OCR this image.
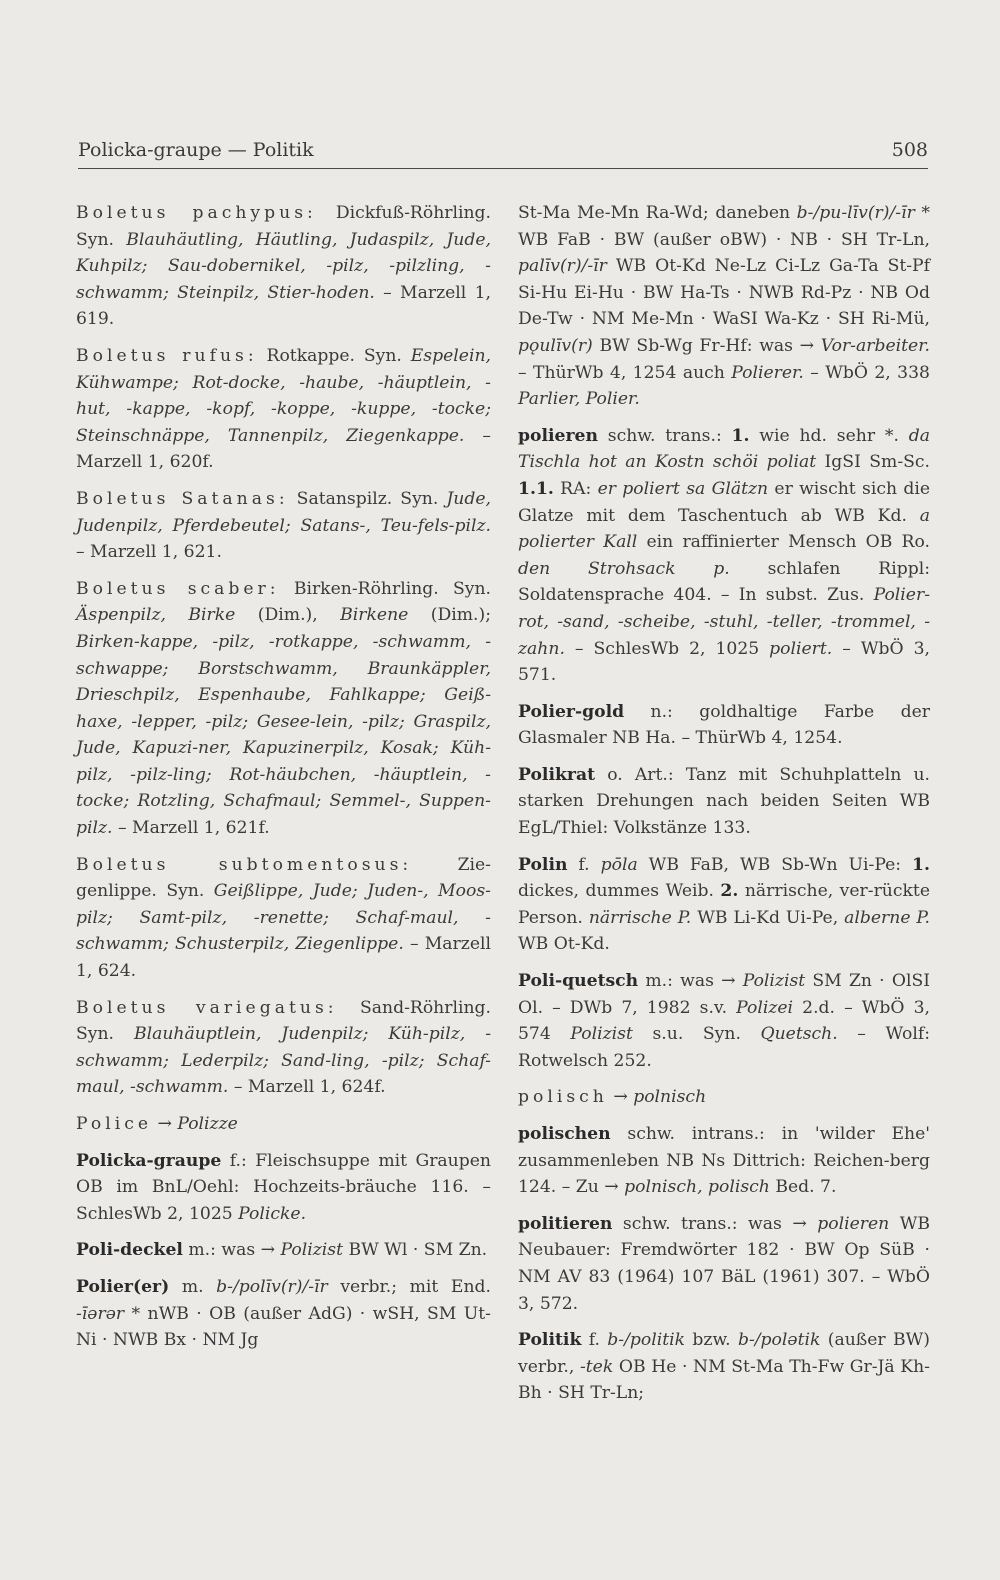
Policka-graupe — Politik	508

Boletus pachypus: Dickfuß-Röhrling. Syn. Blauhäutling, Häutling, Judaspilz, Jude, Kuhpilz; Sau-dobernikel, -pilz, -pilzling, -schwamm; Steinpilz, Stier-hoden. – Marzell 1, 619.

Boletus rufus: Rotkappe. Syn. Espelein, Kühwampe; Rot-docke, -haube, -häuptlein, -hut, -kappe, -kopf, -koppe, -kuppe, -tocke; Steinschnäppe, Tannenpilz, Ziegenkappe. – Marzell 1, 620f.

Boletus Satanas: Satanspilz. Syn. Jude, Judenpilz, Pferdebeutel; Satans-, Teu-fels-pilz. – Marzell 1, 621.

Boletus scaber: Birken-Röhrling. Syn. Äspenpilz, Birke (Dim.), Birkene (Dim.); Birken-kappe, -pilz, -rotkappe, -schwamm, -schwappe; Borstschwamm, Braunkäppler, Drieschpilz, Espenhaube, Fahlkappe; Geiß-haxe, -lepper, -pilz; Gesee-lein, -pilz; Graspilz, Jude, Kapuzi-ner, Kapuzinerpilz, Kosak; Küh-pilz, -pilz-ling; Rot-häubchen, -häuptlein, -tocke; Rotzling, Schafmaul; Semmel-, Suppen-pilz. – Marzell 1, 621f.

Boletus subtomentosus: Zie-genlippe. Syn. Geißlippe, Jude; Juden-, Moos-pilz; Samt-pilz, -renette; Schaf-maul, -schwamm; Schusterpilz, Ziegenlippe. – Marzell 1, 624.

Boletus variegatus: Sand-Röhrling. Syn. Blauhäuptlein, Judenpilz; Küh-pilz, -schwamm; Lederpilz; Sand-ling, -pilz; Schaf-maul, -schwamm. – Marzell 1, 624f.

Police → Polizze

Policka-graupe f.: Fleischsuppe mit Graupen OB im BnL/Oehl: Hochzeits-bräuche 116. – SchlesWb 2, 1025 Policke.

Poli-deckel m.: was → Polizist BW Wl · SM Zn.

Polier(er) m. b-/polīv(r)/-īr verbr.; mit End. -īərər * nWB · OB (außer AdG) · wSH, SM Ut-Ni · NWB Bx · NM Jg

St-Ma Me-Mn Ra-Wd; daneben b-/pu-līv(r)/-īr * WB FaB · BW (außer oBW) · NB · SH Tr-Ln, palīv(r)/-īr WB Ot-Kd Ne-Lz Ci-Lz Ga-Ta St-Pf Si-Hu Ei-Hu · BW Ha-Ts · NWB Rd-Pz · NB Od De-Tw · NM Me-Mn · WaSI Wa-Kz · SH Ri-Mü, pǫulīv(r) BW Sb-Wg Fr-Hf: was → Vor-arbeiter. – ThürWb 4, 1254 auch Polierer. – WbÖ 2, 338 Parlier, Polier.

polieren schw. trans.: 1. wie hd. sehr *. da Tischla hot an Kostn schöi poliat IgSI Sm-Sc. 1.1. RA: er poliert sa Glätzn er wischt sich die Glatze mit dem Taschentuch ab WB Kd. a polierter Kall ein raffinierter Mensch OB Ro. den Strohsack p. schlafen Rippl: Soldatensprache 404. – In subst. Zus. Polier-rot, -sand, -scheibe, -stuhl, -teller, -trommel, -zahn. – SchlesWb 2, 1025 poliert. – WbÖ 3, 571.

Polier-gold n.: goldhaltige Farbe der Glasmaler NB Ha. – ThürWb 4, 1254.

Polikrat o. Art.: Tanz mit Schuhplatteln u. starken Drehungen nach beiden Seiten WB EgL/Thiel: Volkstänze 133.

Polin f. pōla WB FaB, WB Sb-Wn Ui-Pe: 1. dickes, dummes Weib. 2. närrische, ver-rückte Person. närrische P. WB Li-Kd Ui-Pe, alberne P. WB Ot-Kd.

Poli-quetsch m.: was → Polizist SM Zn · OlSI Ol. – DWb 7, 1982 s.v. Polizei 2.d. – WbÖ 3, 574 Polizist s.u. Syn. Quetsch. – Wolf: Rotwelsch 252.

polisch → polnisch

polischen schw. intrans.: in 'wilder Ehe' zusammenleben NB Ns Dittrich: Reichen-berg 124. – Zu → polnisch, polisch Bed. 7.

politieren schw. trans.: was → polieren WB Neubauer: Fremdwörter 182 · BW Op SüB · NM AV 83 (1964) 107 BäL (1961) 307. – WbÖ 3, 572.

Politik f. b-/politik bzw. b-/polətik (außer BW) verbr., -tek OB He · NM St-Ma Th-Fw Gr-Jä Kh-Bh · SH Tr-Ln;
